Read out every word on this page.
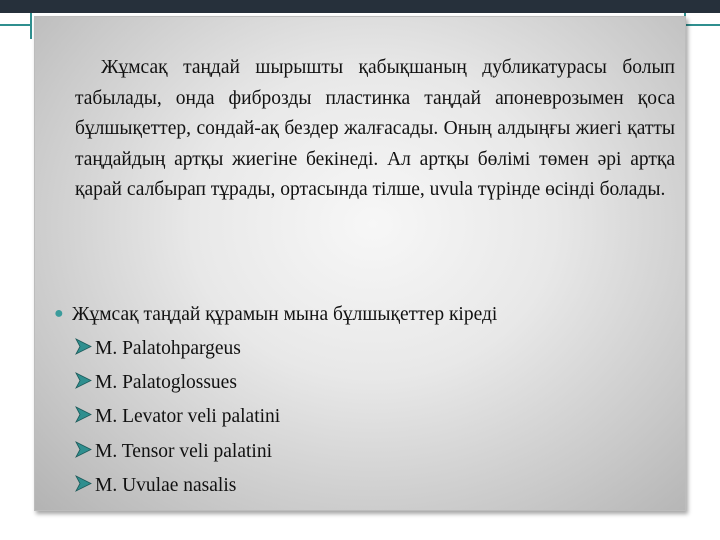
Жұмсақ таңдай шырышты қабықшаның дубликатурасы болып табылады, онда фиброзды пластинка таңдай апоневрозымен қоса бұлшықеттер, сондай-ақ бездер жалғасады. Оның алдыңғы жиегі қатты таңдайдың артқы жиегіне бекінеді. Ал артқы бөлімі төмен әрі артқа қарай салбырап тұрады, ортасында тілше, uvula түрінде өсінді болады.

● Жұмсақ таңдай құрамын мына бұлшықеттер кіреді
M. Palatohpargeus
M. Palatoglossues
M. Levator veli palatini
M. Tensor veli palatini
M. Uvulae nasalis
